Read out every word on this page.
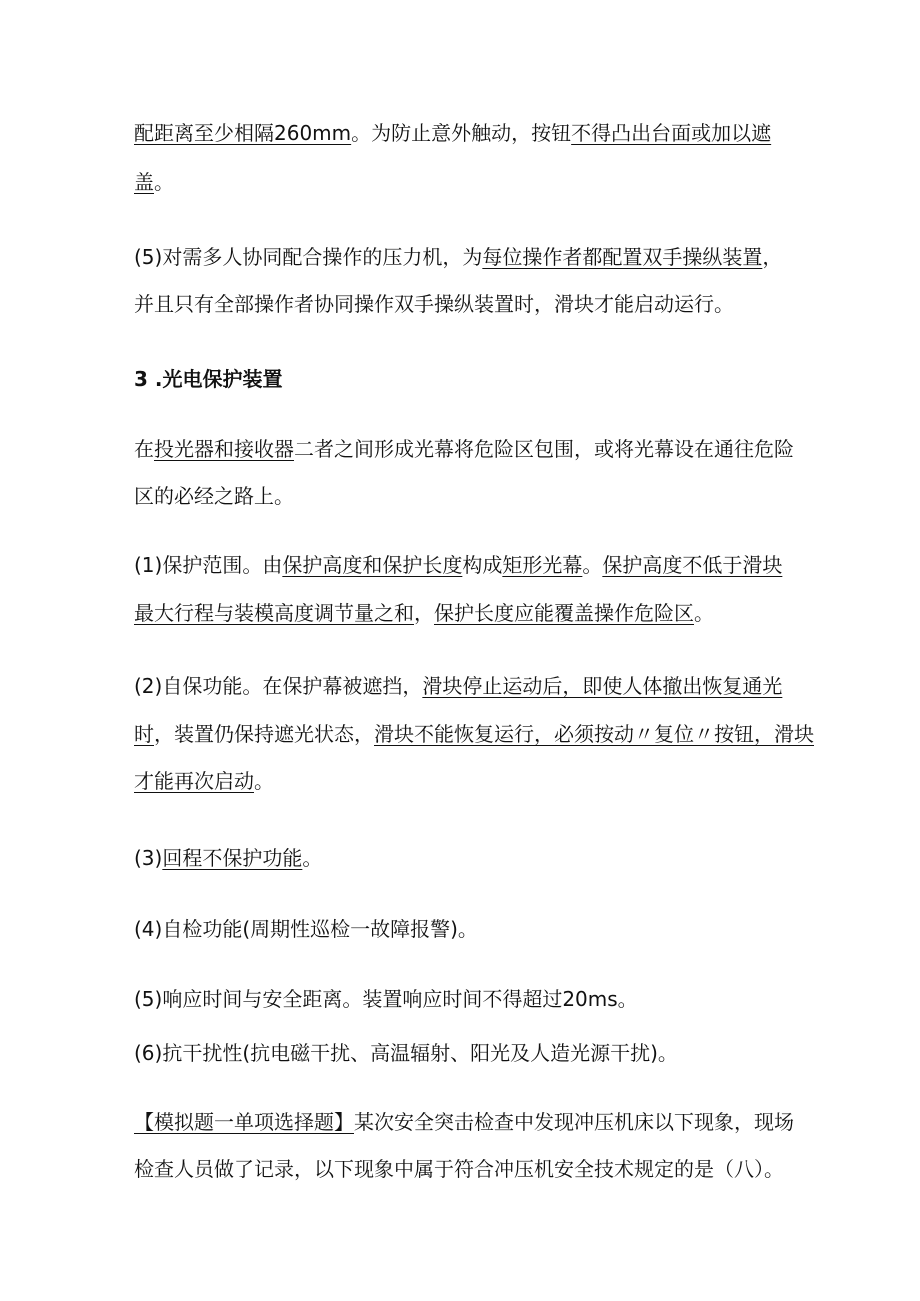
配距离至少相隔260mm。为防止意外触动，按钮不得凸出台面或加以遮
盖。
(5)对需多人协同配合操作的压力机，为每位操作者都配置双手操纵装置，
并且只有全部操作者协同操作双手操纵装置时，滑块才能启动运行。
3 .光电保护装置
在投光器和接收器二者之间形成光幕将危险区包围，或将光幕设在通往危险
区的必经之路上。
(1)保护范围。由保护高度和保护长度构成矩形光幕。保护高度不低于滑块
最大行程与装模高度调节量之和，保护长度应能覆盖操作危险区。
(2)自保功能。在保护幕被遮挡，滑块停止运动后，即使人体撤出恢复通光
时，装置仍保持遮光状态，滑块不能恢复运行，必须按动〃复位〃按钮，滑块
才能再次启动。
(3)回程不保护功能。
(4)自检功能(周期性巡检一故障报警)。
(5)响应时间与安全距离。装置响应时间不得超过20ms。
(6)抗干扰性(抗电磁干扰、高温辐射、阳光及人造光源干扰)。
【模拟题一单项选择题】某次安全突击检查中发现冲压机床以下现象，现场
检查人员做了记录，以下现象中属于符合冲压机安全技术规定的是（八）。
